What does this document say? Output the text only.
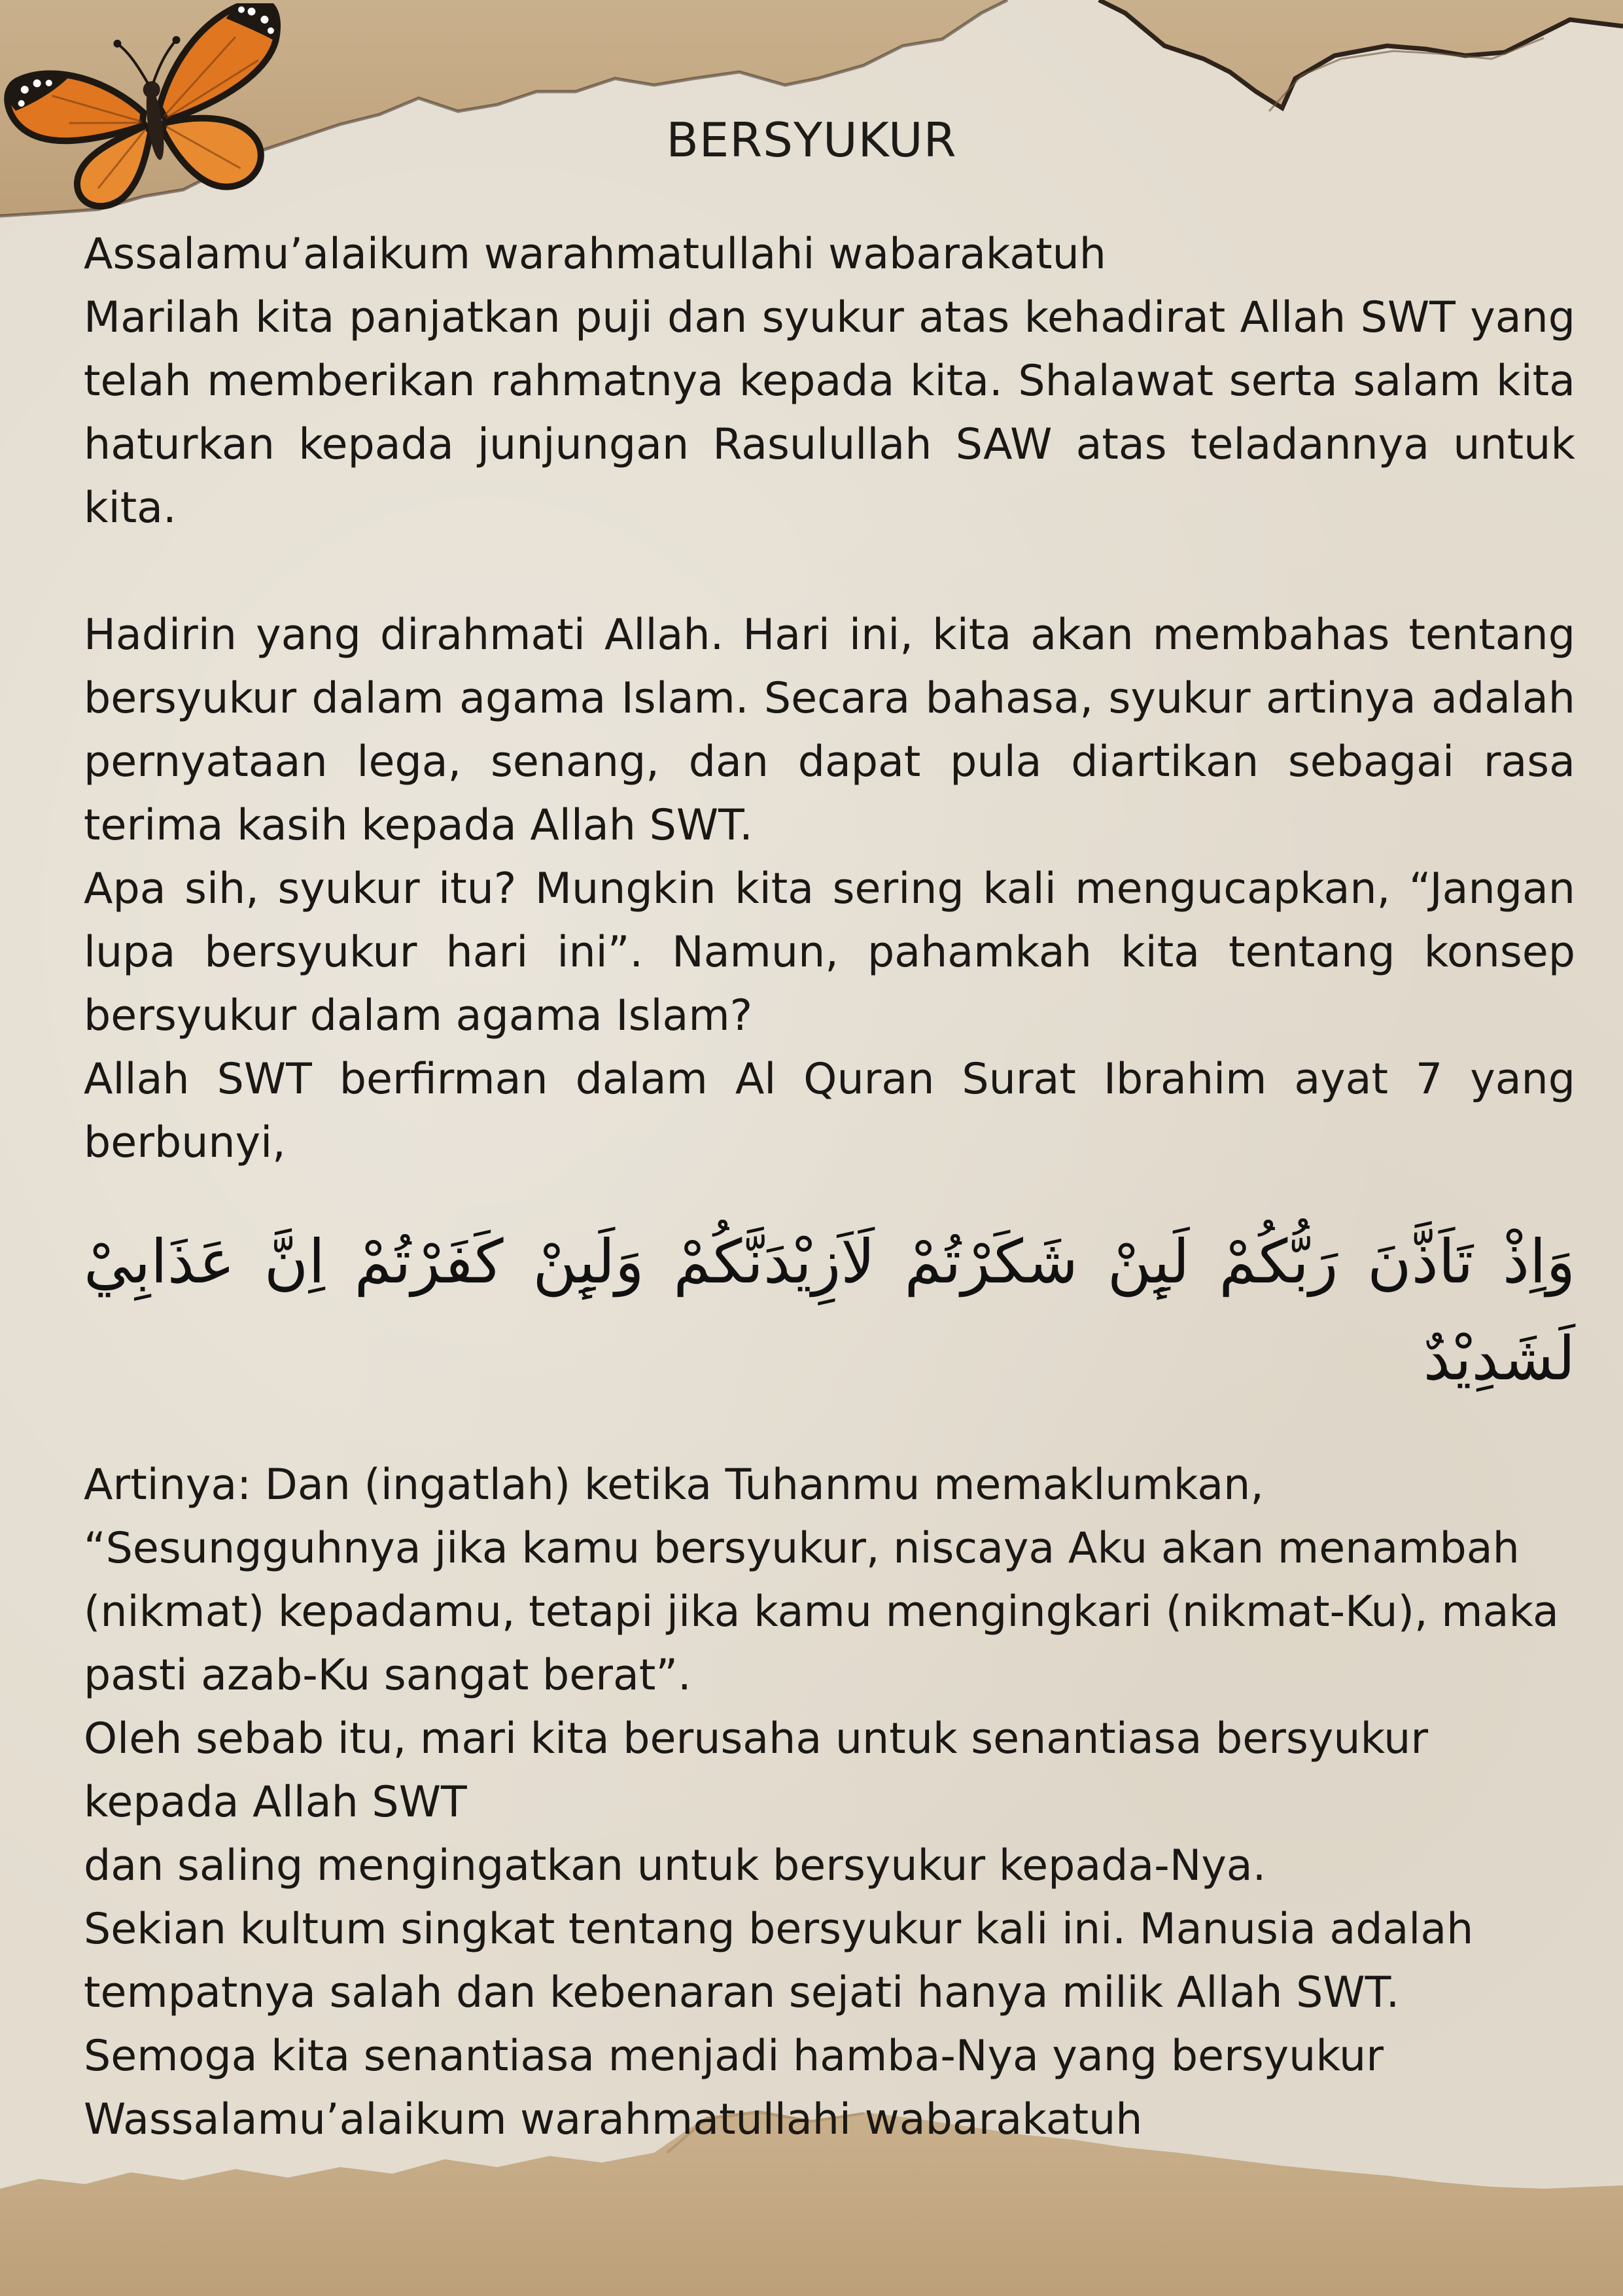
BERSYUKUR

Assalamu’alaikum warahmatullahi wabarakatuh

Marilah kita panjatkan puji dan syukur atas kehadirat Allah SWT yang telah memberikan rahmatnya kepada kita. Shalawat serta salam kita haturkan kepada junjungan Rasulullah SAW atas teladannya untuk kita.

Hadirin yang dirahmati Allah. Hari ini, kita akan membahas tentang bersyukur dalam agama Islam. Secara bahasa, syukur artinya adalah pernyataan lega, senang, dan dapat pula diartikan sebagai rasa terima kasih kepada Allah SWT.

Apa sih, syukur itu? Mungkin kita sering kali mengucapkan, “Jangan lupa bersyukur hari ini”. Namun, pahamkah kita tentang konsep bersyukur dalam agama Islam?

Allah SWT berfirman dalam Al Quran Surat Ibrahim ayat 7 yang berbunyi,

وَاِذْ تَاَذَّنَ رَبُّكُمْ لَىِٕنْ شَكَرْتُمْ لَاَزِيْدَنَّكُمْ وَلَىِٕنْ كَفَرْتُمْ اِنَّ عَذَابِيْ لَشَدِيْدٌ

Artinya: Dan (ingatlah) ketika Tuhanmu memaklumkan,

“Sesungguhnya jika kamu bersyukur, niscaya Aku akan menambah

(nikmat) kepadamu, tetapi jika kamu mengingkari (nikmat-Ku), maka

pasti azab-Ku sangat berat”.

Oleh sebab itu, mari kita berusaha untuk senantiasa bersyukur

kepada Allah SWT

dan saling mengingatkan untuk bersyukur kepada-Nya.

Sekian kultum singkat tentang bersyukur kali ini. Manusia adalah

tempatnya salah dan kebenaran sejati hanya milik Allah SWT.

Semoga kita senantiasa menjadi hamba-Nya yang bersyukur

Wassalamu’alaikum warahmatullahi wabarakatuh
